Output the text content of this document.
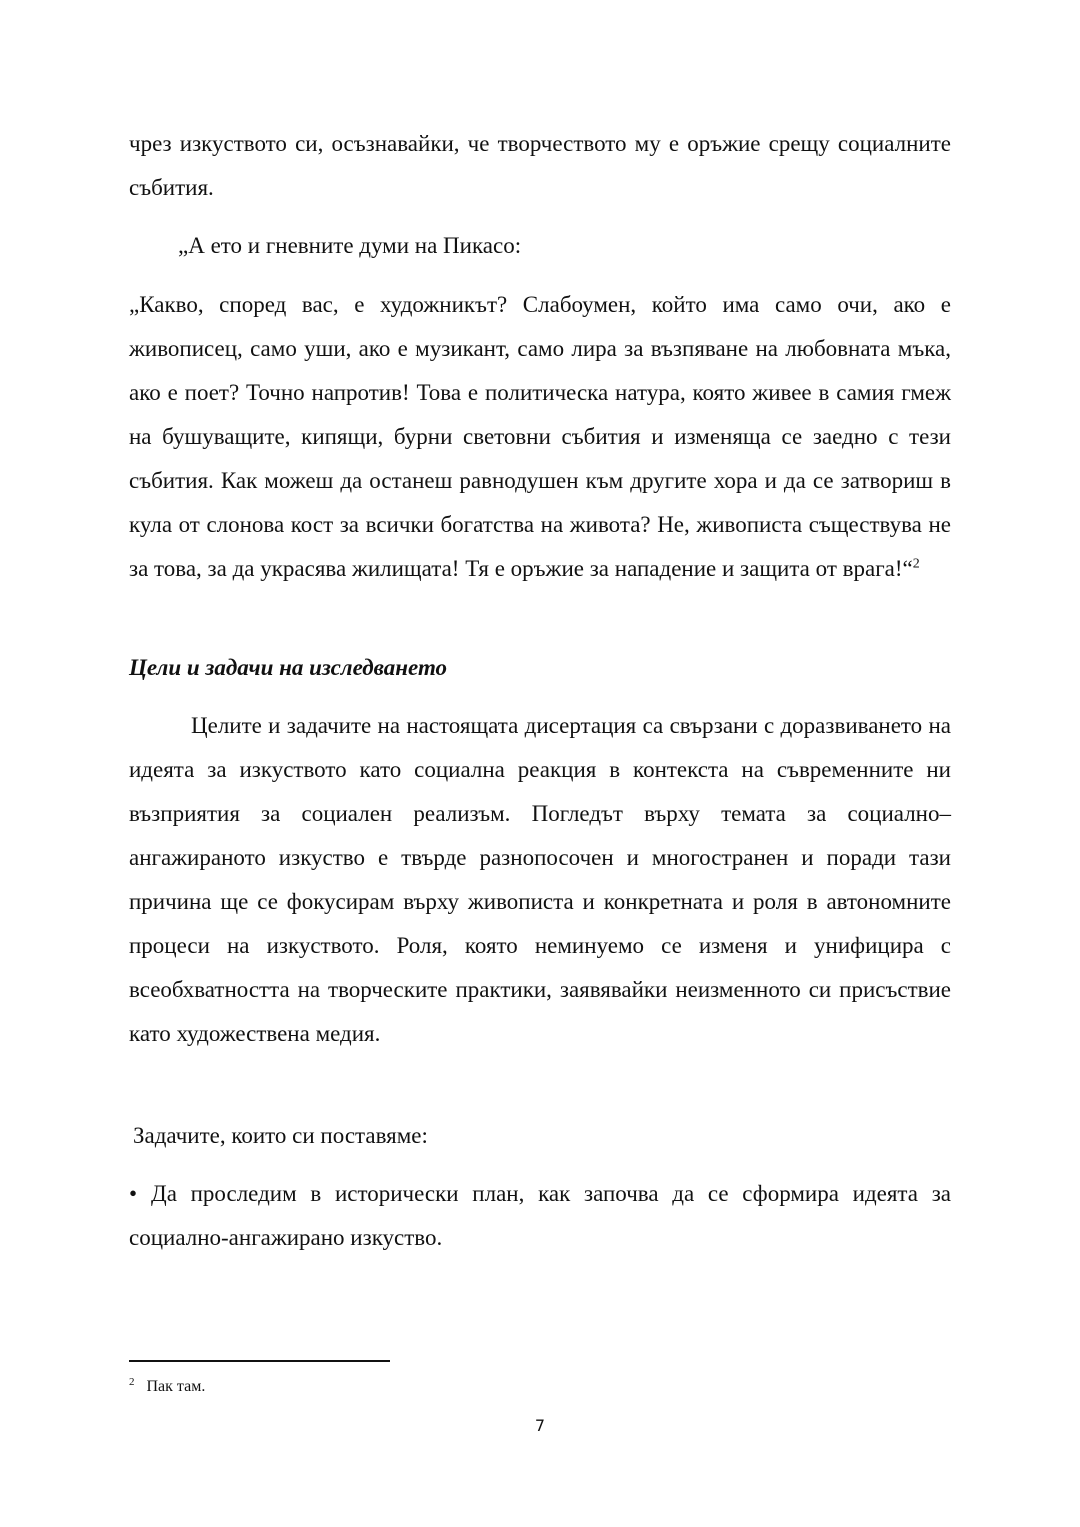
чрез изкуството си, осъзнавайки, че творчеството му е оръжие срещу социалните събития.

„А ето и гневните думи на Пикасо:

„Какво, според вас, е художникът? Слабоумен, който има само очи, ако е живописец, само уши, ако е музикант, само лира за възпяване на любовната мъка, ако е поет? Точно напротив! Това е политическа натура, която живее в самия гмеж на бушуващите, кипящи, бурни световни събития и изменяща се заедно с тези събития. Как можеш да останеш равнодушен към другите хора и да се затвориш в кула от слонова кост за всички богатства на живота? Не, живописта съществува не за това, за да украсява жилищата! Тя е оръжие за нападение и защита от врага!“$^2$

Цели и задачи на изследването

Целите и задачите на настоящата дисертация са свързани с доразвиването на идеята за изкуството като социална реакция в контекста на съвременните ни възприятия за социален реализъм. Погледът върху темата за социално–ангажираното изкуство е твърде разнопосочен и многостранен и поради тази причина ще се фокусирам върху живописта и конкретната и роля в автономните процеси на изкуството. Роля, която неминуемо се изменя и унифицира с всеобхватността на творческите практики, заявявайки неизменното си присъствие като художествена медия.

Задачите, които си поставяме:

• Да проследим в исторически план, как започва да се сформира идеята за социално-ангажирано изкуство.

$^2$ Пак там.

7
